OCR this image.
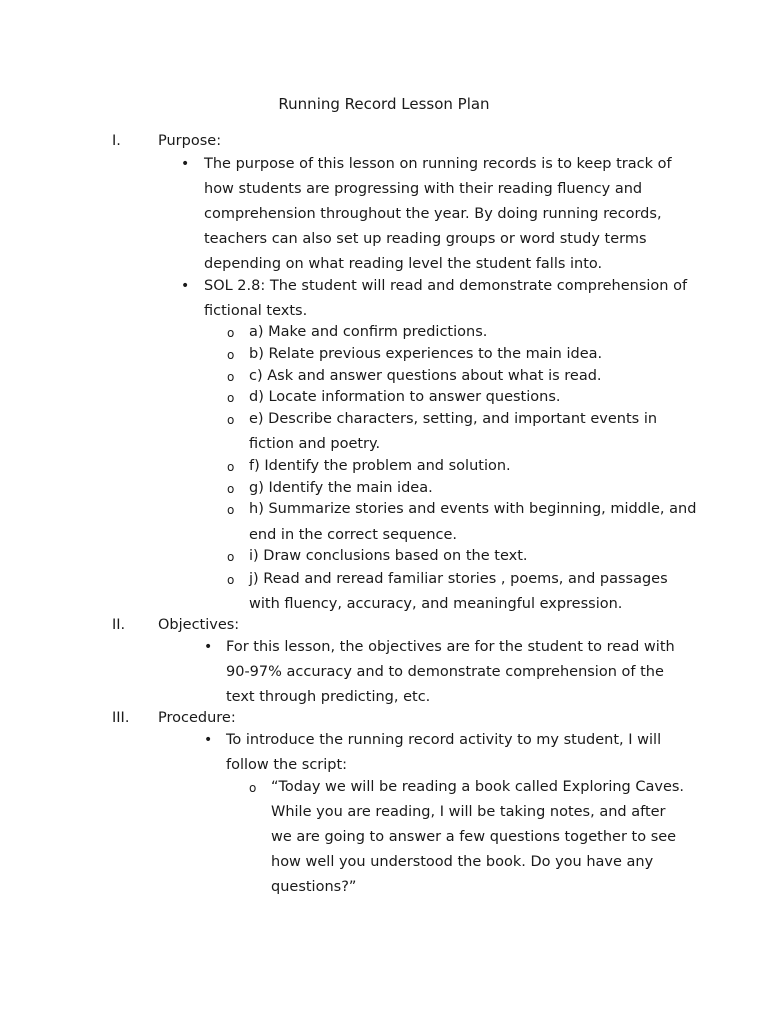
Running Record Lesson Plan
I.	Purpose:
• The purpose of this lesson on running records is to keep track of
how students are progressing with their reading fluency and
comprehension throughout the year. By doing running records,
teachers can also set up reading groups or word study terms
depending on what reading level the student falls into.
• SOL 2.8: The student will read and demonstrate comprehension of
fictional texts.
o a) Make and confirm predictions.
o b) Relate previous experiences to the main idea.
o c) Ask and answer questions about what is read.
o d) Locate information to answer questions.
o e) Describe characters, setting, and important events in
fiction and poetry.
o f) Identify the problem and solution.
o g) Identify the main idea.
o h) Summarize stories and events with beginning, middle, and
end in the correct sequence.
o i) Draw conclusions based on the text.
o j) Read and reread familiar stories , poems, and passages
with fluency, accuracy, and meaningful expression.
II. Objectives:
• For this lesson, the objectives are for the student to read with
90-97% accuracy and to demonstrate comprehension of the
text through predicting, etc.
III. Procedure:
• To introduce the running record activity to my student, I will
follow the script:
o “Today we will be reading a book called Exploring Caves.
While you are reading, I will be taking notes, and after
we are going to answer a few questions together to see
how well you understood the book. Do you have any
questions?”
